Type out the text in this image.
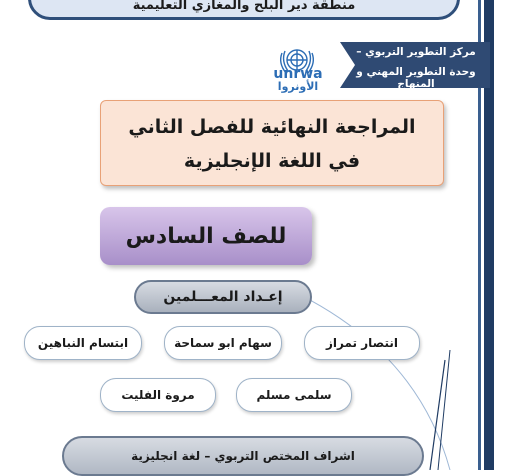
منطقة دير البلح والمغازي التعليمية
unrwa
الأونروا
مركز التطوير التربوي –
وحدة التطوير المهني و المنهاج
المراجعة النهائية للفصل الثاني
في اللغة الإنجليزية
للصف السادس
إعـداد المعـــلمين
انتصار تمراز
سهام ابو سماحة
ابتسام النباهين
سلمى مسلم
مروة الفليت
اشراف المختص التربوي – لغة انجليزية
